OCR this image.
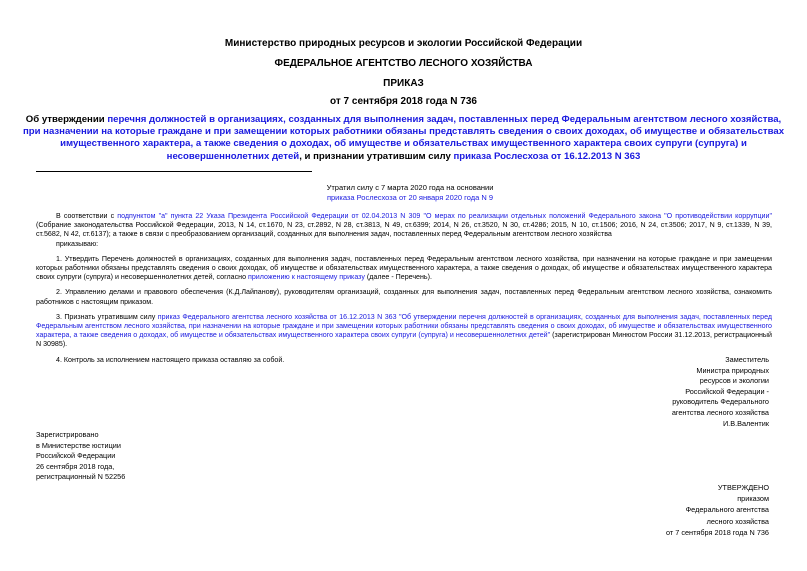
Министерство природных ресурсов и экологии Российской Федерации
ФЕДЕРАЛЬНОЕ АГЕНТСТВО ЛЕСНОГО ХОЗЯЙСТВА
ПРИКАЗ
от 7 сентября 2018 года N 736
Об утверждении перечня должностей в организациях, созданных для выполнения задач, поставленных перед Федеральным агентством лесного хозяйства, при назначении на которые граждане и при замещении которых работники обязаны представлять сведения о своих доходах, об имуществе и обязательствах имущественного характера, а также сведения о доходах, об имуществе и обязательствах имущественного характера своих супруги (супруга) и несовершеннолетних детей, и признании утратившим силу приказа Рослесхоза от 16.12.2013 N 363
Утратил силу с 7 марта 2020 года на основании
приказа Рослесхоза от 20 января 2020 года N 9

В соответствии с подпунктом "а" пункта 22 Указа Президента Российской Федерации от 02.04.2013 N 309 "О мерах по реализации отдельных положений Федерального закона "О противодействии коррупции" (Собрание законодательства Российской Федерации, 2013, N 14, ст.1670, N 23, ст.2892, N 28, ст.3813, N 49, ст.6399; 2014, N 26, ст.3520, N 30, ст.4286; 2015, N 10, ст.1506; 2016, N 24, ст.3506; 2017, N 9, ст.1339, N 39, ст.5682, N 42, ст.6137); а также в связи с преобразованием организаций, созданных для выполнения задач, поставленных перед Федеральным агентством лесного хозяйства

приказываю:

1. Утвердить Перечень должностей в организациях, созданных для выполнения задач, поставленных перед Федеральным агентством лесного хозяйства, при назначении на которые граждане и при замещении которых работники обязаны представлять сведения о своих доходах, об имуществе и обязательствах имущественного характера, а также сведения о доходах, об имуществе и обязательствах имущественного характера своих супруги (супруга) и несовершеннолетних детей, согласно приложению к настоящему приказу (далее - Перечень).

2. Управлению делами и правового обеспечения (К.Д.Лайпанову), руководителям организаций, созданных для выполнения задач, поставленных перед Федеральным агентством лесного хозяйства, ознакомить работников с настоящим приказом.

3. Признать утратившим силу приказ Федерального агентства лесного хозяйства от 16.12.2013 N 363 "Об утверждении перечня должностей в организациях, созданных для выполнения задач, поставленных перед Федеральным агентством лесного хозяйства, при назначении на которые граждане и при замещении которых работники обязаны представлять сведения о своих доходах, об имуществе и обязательствах имущественного характера, а также сведения о доходах, об имуществе и обязательствах имущественного характера своих супруги (супруга) и несовершеннолетних детей" (зарегистрирован Минюстом России 31.12.2013, регистрационный N 30985).

4. Контроль за исполнением настоящего приказа оставляю за собой.	Заместитель
Министра природных
ресурсов и экологии
Российской Федерации -
руководитель Федерального
агентства лесного хозяйства
И.В.Валентик
Зарегистрировано
в Министерстве юстиции
Российской Федерации
26 сентября 2018 года,
регистрационный N 52256
УТВЕРЖДЕНО
приказом
Федерального агентства
лесного хозяйства
от 7 сентября 2018 года N 736
